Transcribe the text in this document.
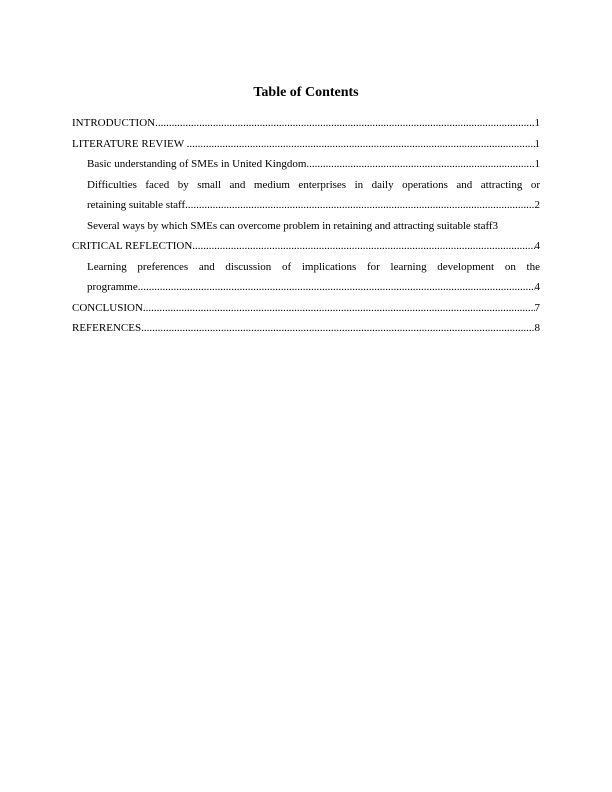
Table of Contents
INTRODUCTION .....	1
LITERATURE REVIEW .....	1
Basic understanding of SMEs in United Kingdom .....	1
Difficulties faced by small and medium enterprises in daily operations and attracting or
retaining suitable staff .....	2
Several ways by which SMEs can overcome problem in retaining and attracting suitable staff 3
CRITICAL REFLECTION .....	4
Learning preferences and discussion of implications for learning development on the
programme .....	4
CONCLUSION .....	7
REFERENCES .....	8
